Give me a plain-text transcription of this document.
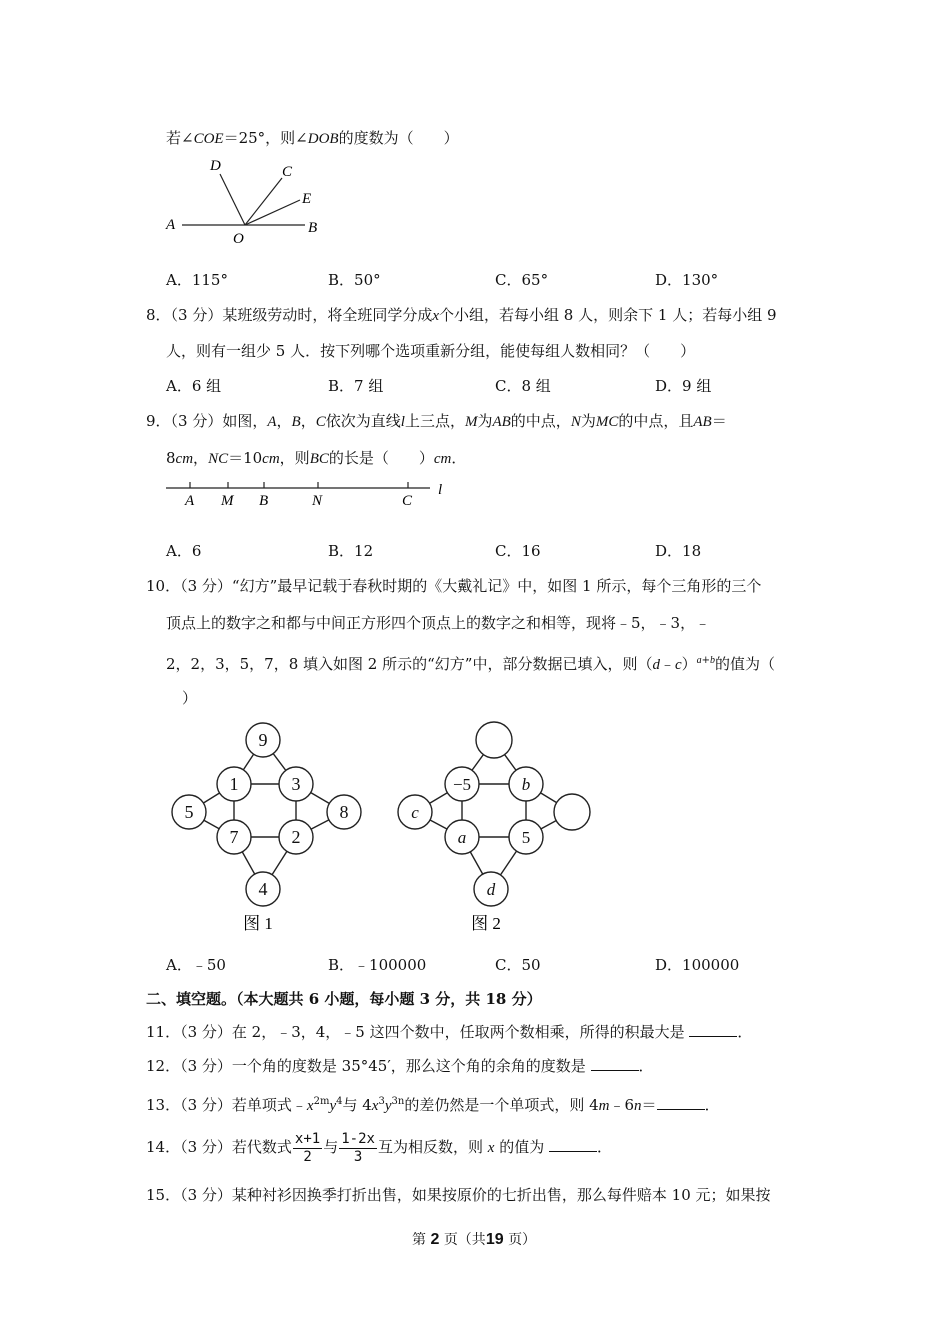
若∠COE＝25°，则∠DOB的度数为（　　）
A
O
B
C
D
E
A．115°	B．50°	C．65°	D．130°
8．（3 分）某班级劳动时，将全班同学分成x个小组，若每小组 8 人，则余下 1 人；若每小组 9
人，则有一组少 5 人．按下列哪个选项重新分组，能使每组人数相同？（　　）
A．6 组	B．7 组	C．8 组	D．9 组
9．（3 分）如图，A，B，C依次为直线l上三点，M为AB的中点，N为MC的中点，且AB＝
8cm，NC＝10cm，则BC的长是（　　）cm．
A M B	N	C
l
A．6	B．12	C．16	D．18
10．（3 分）“幻方”最早记载于春秋时期的《大戴礼记》中，如图 1 所示，每个三角形的三个
顶点上的数字之和都与中间正方形四个顶点上的数字之和相等，现将﹣5，﹣3，﹣
2，2，3，5，7，8 填入如图 2 所示的“幻方”中，部分数据已填入，则（d﹣c）$^{a+b}$的值为（
）
9
1	3
5	8
7	2
4
图 1
−5	b
c
a	5
d
图 2
A．﹣50	B．﹣100000	C．50	D．100000
二、填空题。（本大题共 6 小题，每小题 3 分，共 18 分）
11．（3 分）在 2，﹣3，4，﹣5 这四个数中，任取两个数相乘，所得的积最大是	．
12．（3 分）一个角的度数是 35°45′，那么这个角的余角的度数是	．
13．（3 分）若单项式$﹣x^{2m}y^4$与 $4x^3y^{3n}$的差仍然是一个单项式，则 4m﹣6n＝	．
14．（3 分）若代数式 $\frac{x+1}{2}$ 与 $\frac{1-2x}{3}$ 互为相反数，则 x 的值为	．
15．（3 分）某种衬衫因换季打折出售，如果按原价的七折出售，那么每件赔本 10 元；如果按
第 2 页（共19 页）
